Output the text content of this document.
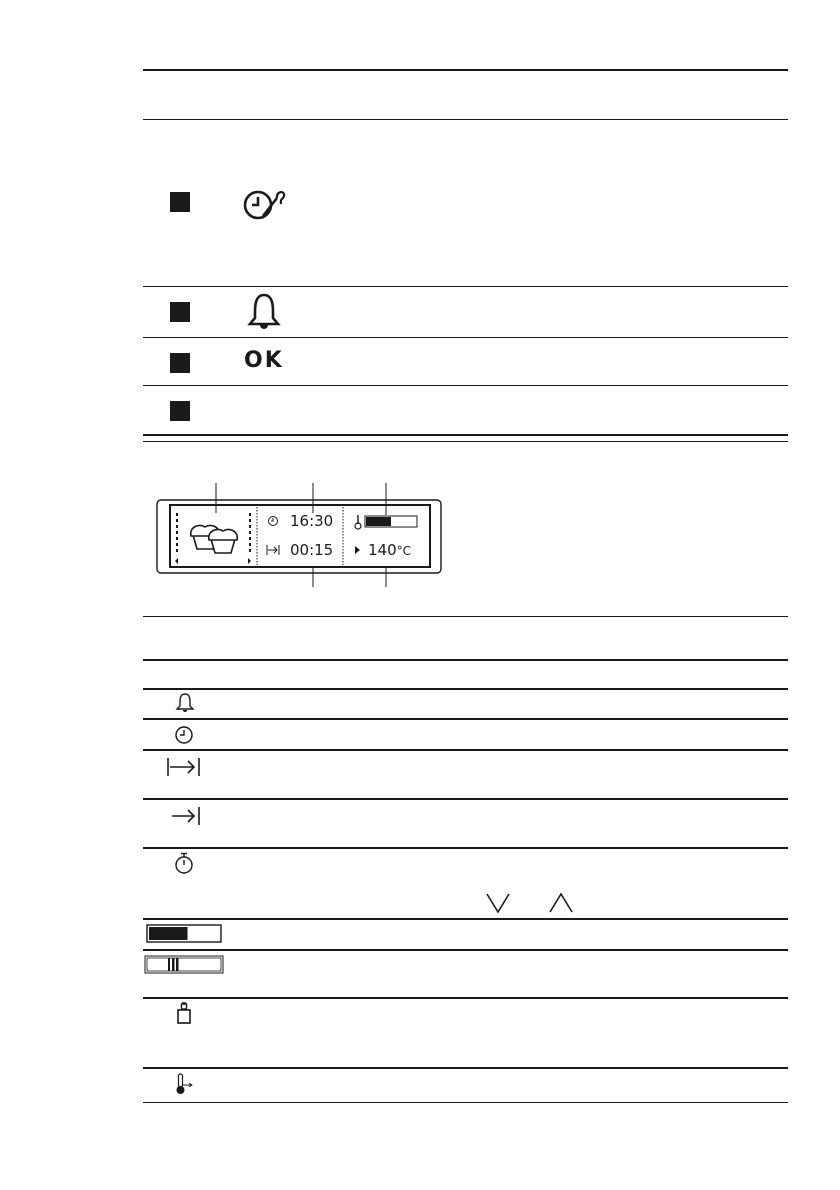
OK
16:30
00:15 140°C
